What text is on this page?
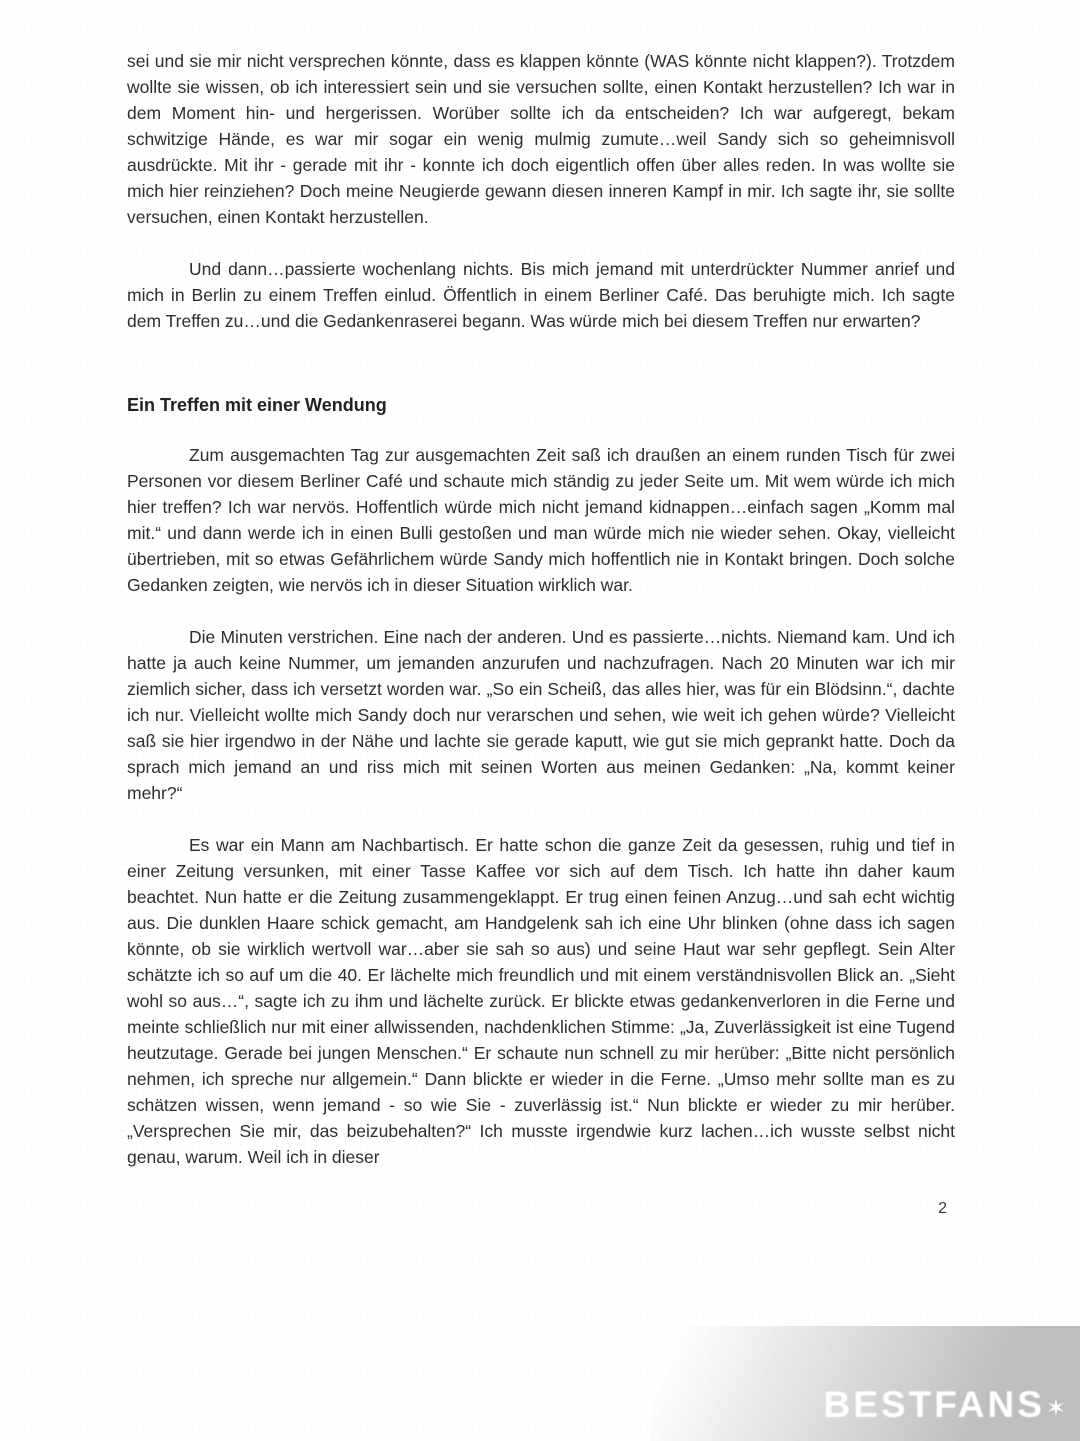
sei und sie mir nicht versprechen könnte, dass es klappen könnte (WAS könnte nicht klappen?). Trotzdem wollte sie wissen, ob ich interessiert sein und sie versuchen sollte, einen Kontakt herzustellen? Ich war in dem Moment hin- und hergerissen. Worüber sollte ich da entscheiden? Ich war aufgeregt, bekam schwitzige Hände, es war mir sogar ein wenig mulmig zumute…weil Sandy sich so geheimnisvoll ausdrückte. Mit ihr - gerade mit ihr - konnte ich doch eigentlich offen über alles reden. In was wollte sie mich hier reinziehen? Doch meine Neugierde gewann diesen inneren Kampf in mir. Ich sagte ihr, sie sollte versuchen, einen Kontakt herzustellen.

Und dann…passierte wochenlang nichts. Bis mich jemand mit unterdrückter Nummer anrief und mich in Berlin zu einem Treffen einlud. Öffentlich in einem Berliner Café. Das beruhigte mich. Ich sagte dem Treffen zu…und die Gedankenraserei begann. Was würde mich bei diesem Treffen nur erwarten?

Ein Treffen mit einer Wendung

Zum ausgemachten Tag zur ausgemachten Zeit saß ich draußen an einem runden Tisch für zwei Personen vor diesem Berliner Café und schaute mich ständig zu jeder Seite um. Mit wem würde ich mich hier treffen? Ich war nervös. Hoffentlich würde mich nicht jemand kidnappen…einfach sagen „Komm mal mit.“ und dann werde ich in einen Bulli gestoßen und man würde mich nie wieder sehen. Okay, vielleicht übertrieben, mit so etwas Gefährlichem würde Sandy mich hoffentlich nie in Kontakt bringen. Doch solche Gedanken zeigten, wie nervös ich in dieser Situation wirklich war.

Die Minuten verstrichen. Eine nach der anderen. Und es passierte…nichts. Niemand kam. Und ich hatte ja auch keine Nummer, um jemanden anzurufen und nachzufragen. Nach 20 Minuten war ich mir ziemlich sicher, dass ich versetzt worden war. „So ein Scheiß, das alles hier, was für ein Blödsinn.“, dachte ich nur. Vielleicht wollte mich Sandy doch nur verarschen und sehen, wie weit ich gehen würde? Vielleicht saß sie hier irgendwo in der Nähe und lachte sie gerade kaputt, wie gut sie mich geprankt hatte. Doch da sprach mich jemand an und riss mich mit seinen Worten aus meinen Gedanken: „Na, kommt keiner mehr?“

Es war ein Mann am Nachbartisch. Er hatte schon die ganze Zeit da gesessen, ruhig und tief in einer Zeitung versunken, mit einer Tasse Kaffee vor sich auf dem Tisch. Ich hatte ihn daher kaum beachtet. Nun hatte er die Zeitung zusammengeklappt. Er trug einen feinen Anzug…und sah echt wichtig aus. Die dunklen Haare schick gemacht, am Handgelenk sah ich eine Uhr blinken (ohne dass ich sagen könnte, ob sie wirklich wertvoll war…aber sie sah so aus) und seine Haut war sehr gepflegt. Sein Alter schätzte ich so auf um die 40. Er lächelte mich freundlich und mit einem verständnisvollen Blick an. „Sieht wohl so aus…“, sagte ich zu ihm und lächelte zurück. Er blickte etwas gedankenverloren in die Ferne und meinte schließlich nur mit einer allwissenden, nachdenklichen Stimme: „Ja, Zuverlässigkeit ist eine Tugend heutzutage. Gerade bei jungen Menschen.“ Er schaute nun schnell zu mir herüber: „Bitte nicht persönlich nehmen, ich spreche nur allgemein.“ Dann blickte er wieder in die Ferne. „Umso mehr sollte man es zu schätzen wissen, wenn jemand - so wie Sie - zuverlässig ist.“ Nun blickte er wieder zu mir herüber. „Versprechen Sie mir, das beizubehalten?“ Ich musste irgendwie kurz lachen…ich wusste selbst nicht genau, warum. Weil ich in dieser

2
BESTFANS ✶
